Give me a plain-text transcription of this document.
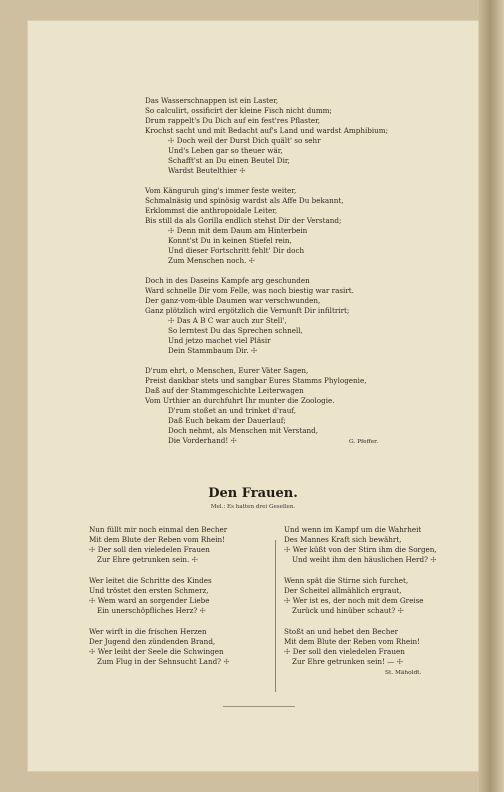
Das Wasserschnappen ist ein Laster,
So calculirt, ossificirt der kleine Fisch nicht dumm;
Drum rappelt's Du Dich auf ein fest'res Pflaster,
Krochst sacht und mit Bedacht auf's Land und wardst Amphibium;
☩ Doch weil der Durst Dich quält' so sehr
Und's Leben gar so theuer wär,
Schafft'st an Du einen Beutel Dir,
Wardst Beutelthier ☩
Vom Känguruh ging's immer feste weiter,
Schmalnäsig und spinösig wardst als Affe Du bekannt,
Erklommst die anthropoidale Leiter,
Bis still da als Gorilla endlich stehst Dir der Verstand;
☩ Denn mit dem Daum am Hinterbein
Konnt'st Du in keinen Stiefel rein,
Und dieser Fortschritt fehlt' Dir doch
Zum Menschen noch. ☩
Doch in des Daseins Kampfe arg geschunden
Ward schnelle Dir vom Felle, was noch biestig war rasirt.
Der ganz-vom-üble Daumen war verschwunden,
Ganz plötzlich wird ergötzlich die Vernunft Dir infiltrirt;
☩ Das A B C war auch zur Stell',
So lerntest Du das Sprechen schnell,
Und jetzo machet viel Pläsir
Dein Stammbaum Dir. ☩
D'rum ehrt, o Menschen, Eurer Väter Sagen,
Preist dankbar stets und sangbar Eures Stamms Phylogenie,
Daß auf der Stammgeschichte Leiterwagen
Vom Urthier an durchfuhrt Ihr munter die Zoologie.
D'rum stoßet an und trinket d'rauf,
Daß Euch bekam der Dauerlauf;
Doch nehmt, als Menschen mit Verstand,
Die Vorderhand! ☩	G. Pfeffer.
Den Frauen.
Mel.: Es hatten drei Gesellen.
Nun füllt mir noch einmal den Becher
Mit dem Blute der Reben vom Rhein!
☩ Der soll den vieledelen Frauen
Zur Ehre getrunken sein. ☩
Wer leitet die Schritte des Kindes
Und tröstet den ersten Schmerz,
☩ Wem ward an sorgender Liebe
Ein unerschöpfliches Herz? ☩
Wer wirft in die frischen Herzen
Der Jugend den zündenden Brand,
☩ Wer leiht der Seele die Schwingen
Zum Flug in der Sehnsucht Land? ☩
Und wenn im Kampf um die Wahrheit
Des Mannes Kraft sich bewährt,
☩ Wer küßt von der Stirn ihm die Sorgen,
Und weiht ihm den häuslichen Herd? ☩
Wenn spät die Stirne sich furchet,
Der Scheitel allmählich ergraut,
☩ Wer ist es, der noch mit dem Greise
Zurück und hinüber schaut? ☩
Stoßt an und hebet den Becher
Mit dem Blute der Reben vom Rhein!
☩ Der soll den vieledelen Frauen
Zur Ehre getrunken sein! — ☩
St. Mäholdt.
